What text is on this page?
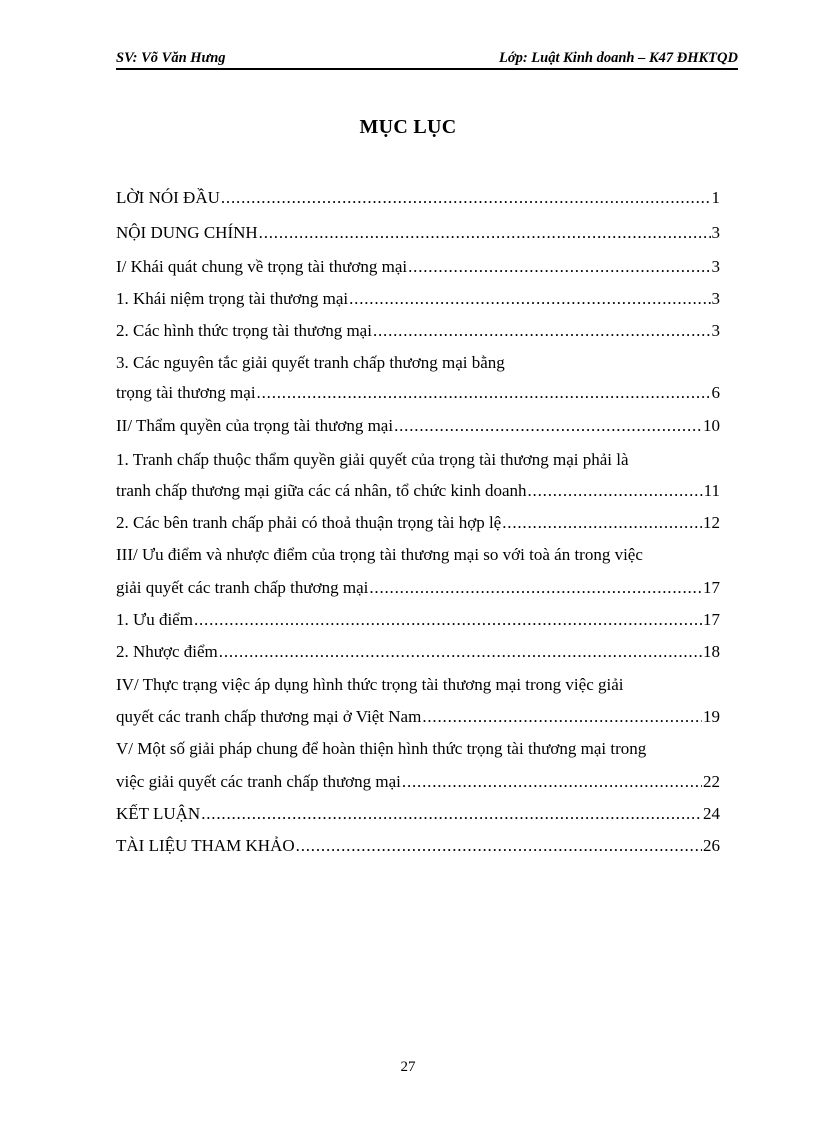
SV: Võ Văn Hưng	Lớp: Luật Kinh doanh – K47 ĐHKTQD
MỤC LỤC
LỜI NÓI ĐẦU .....	1
NỘI DUNG CHÍNH .....	3
I/ Khái quát chung về trọng tài thương mại .....	3
1. Khái niệm trọng tài thương mại .....	3
2. Các hình thức trọng tài thương mại .....	3
3. Các nguyên tắc giải quyết tranh chấp thương mại bằng
trọng tài thương mại .....	6
II/ Thẩm quyền của trọng tài thương mại .....	10
1. Tranh chấp thuộc thẩm quyền giải quyết của trọng tài thương mại phải là
tranh chấp thương mại giữa các cá nhân, tổ chức kinh doanh .....	11
2. Các bên tranh chấp phải có thoả thuận trọng tài hợp lệ .....	12
III/ Ưu điểm và nhược điểm của trọng tài thương mại so với toà án trong việc
giải quyết các tranh chấp thương mại .....	17
1. Ưu điểm .....	17
2. Nhược điểm .....	18
IV/ Thực trạng việc áp dụng hình thức trọng tài thương mại trong việc giải
quyết các tranh chấp thương mại ở Việt Nam .....	19
V/ Một số giải pháp chung để hoàn thiện hình thức trọng tài thương mại trong
việc giải quyết các tranh chấp thương mại .....	22
KẾT LUẬN .....	24
TÀI LIỆU THAM KHẢO .....	26
27
